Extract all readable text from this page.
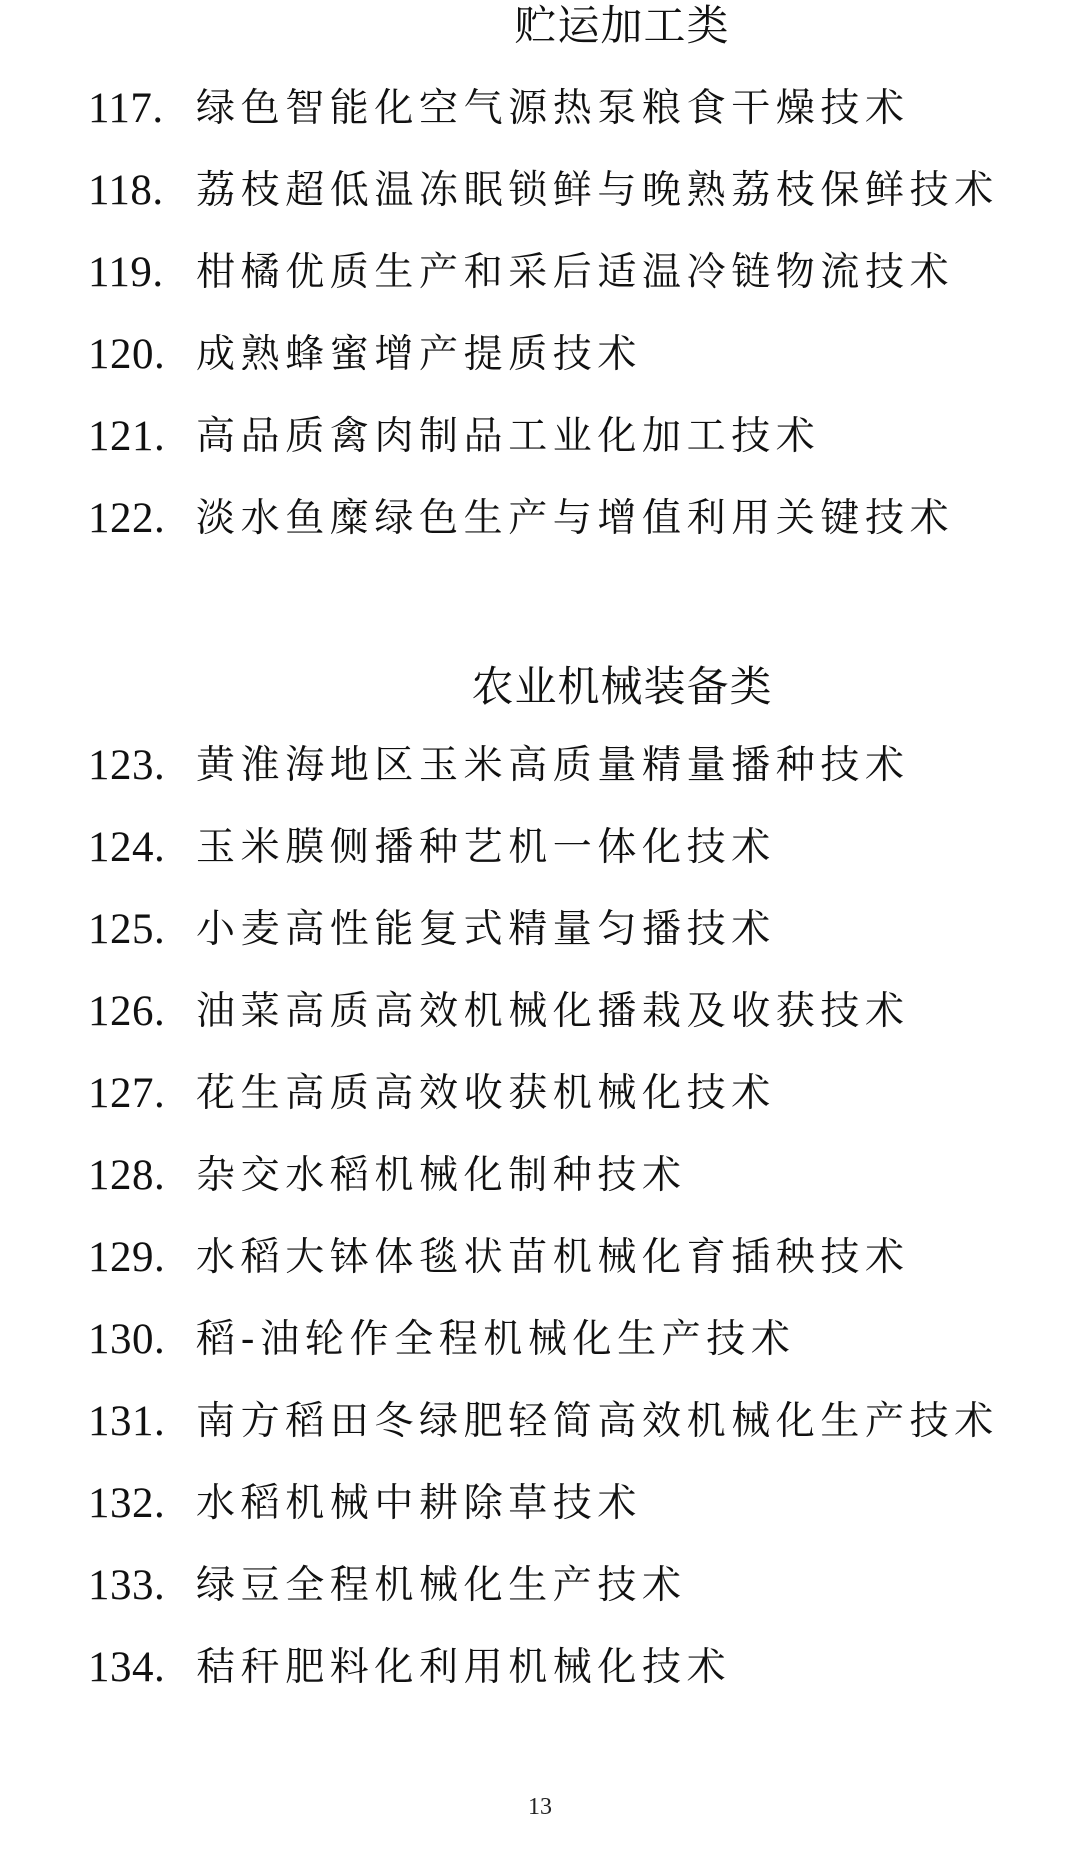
贮运加工类
117. 绿色智能化空气源热泵粮食干燥技术
118. 荔枝超低温冻眠锁鲜与晚熟荔枝保鲜技术
119. 柑橘优质生产和采后适温冷链物流技术
120. 成熟蜂蜜增产提质技术
121. 高品质禽肉制品工业化加工技术
122. 淡水鱼糜绿色生产与增值利用关键技术
农业机械装备类
123. 黄淮海地区玉米高质量精量播种技术
124. 玉米膜侧播种艺机一体化技术
125. 小麦高性能复式精量匀播技术
126. 油菜高质高效机械化播栽及收获技术
127. 花生高质高效收获机械化技术
128. 杂交水稻机械化制种技术
129. 水稻大钵体毯状苗机械化育插秧技术
130. 稻-油轮作全程机械化生产技术
131. 南方稻田冬绿肥轻简高效机械化生产技术
132. 水稻机械中耕除草技术
133. 绿豆全程机械化生产技术
134. 秸秆肥料化利用机械化技术
13
